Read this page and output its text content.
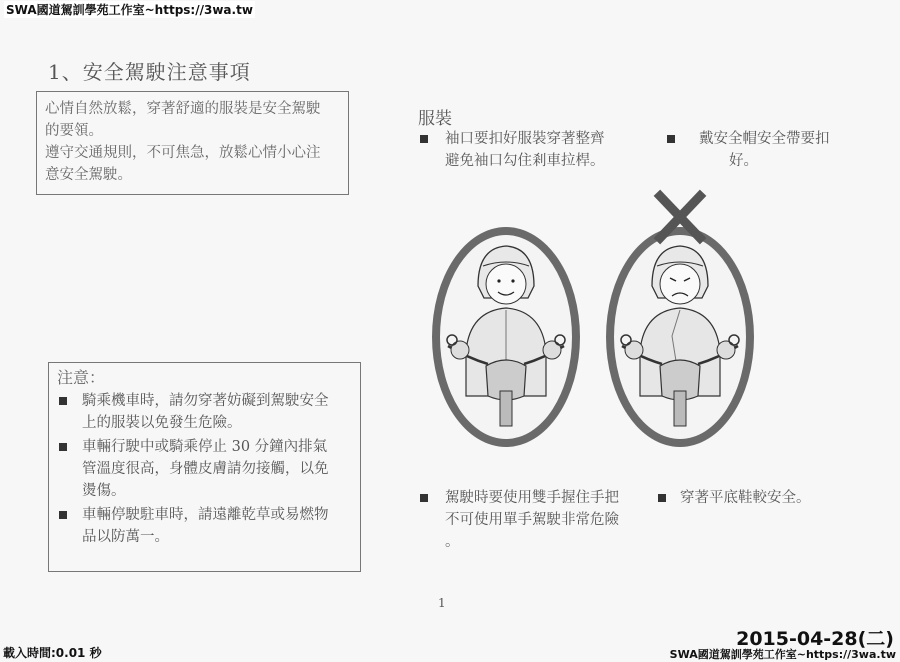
SWA國道駕訓學苑工作室~https://3wa.tw
1、安全駕駛注意事項
心情自然放鬆，穿著舒適的服裝是安全駕駛
的要領。
遵守交通規則，不可焦急，放鬆心情小心注
意安全駕駛。
注意：
騎乘機車時，請勿穿著妨礙到駕駛安全
上的服裝以免發生危險。
車輛行駛中或騎乘停止 30 分鐘內排氣
管溫度很高，身體皮膚請勿接觸，以免
燙傷。
車輛停駛駐車時，請遠離乾草或易燃物
品以防萬一。
服裝
袖口要扣好服裝穿著整齊
避免袖口勾住剎車拉桿。
戴安全帽安全帶要扣
好。
駕駛時要使用雙手握住手把
不可使用單手駕駛非常危險
。
穿著平底鞋較安全。
1
2015-04-28(二)
載入時間:0.01 秒	SWA國道駕訓學苑工作室~https://3wa.tw
